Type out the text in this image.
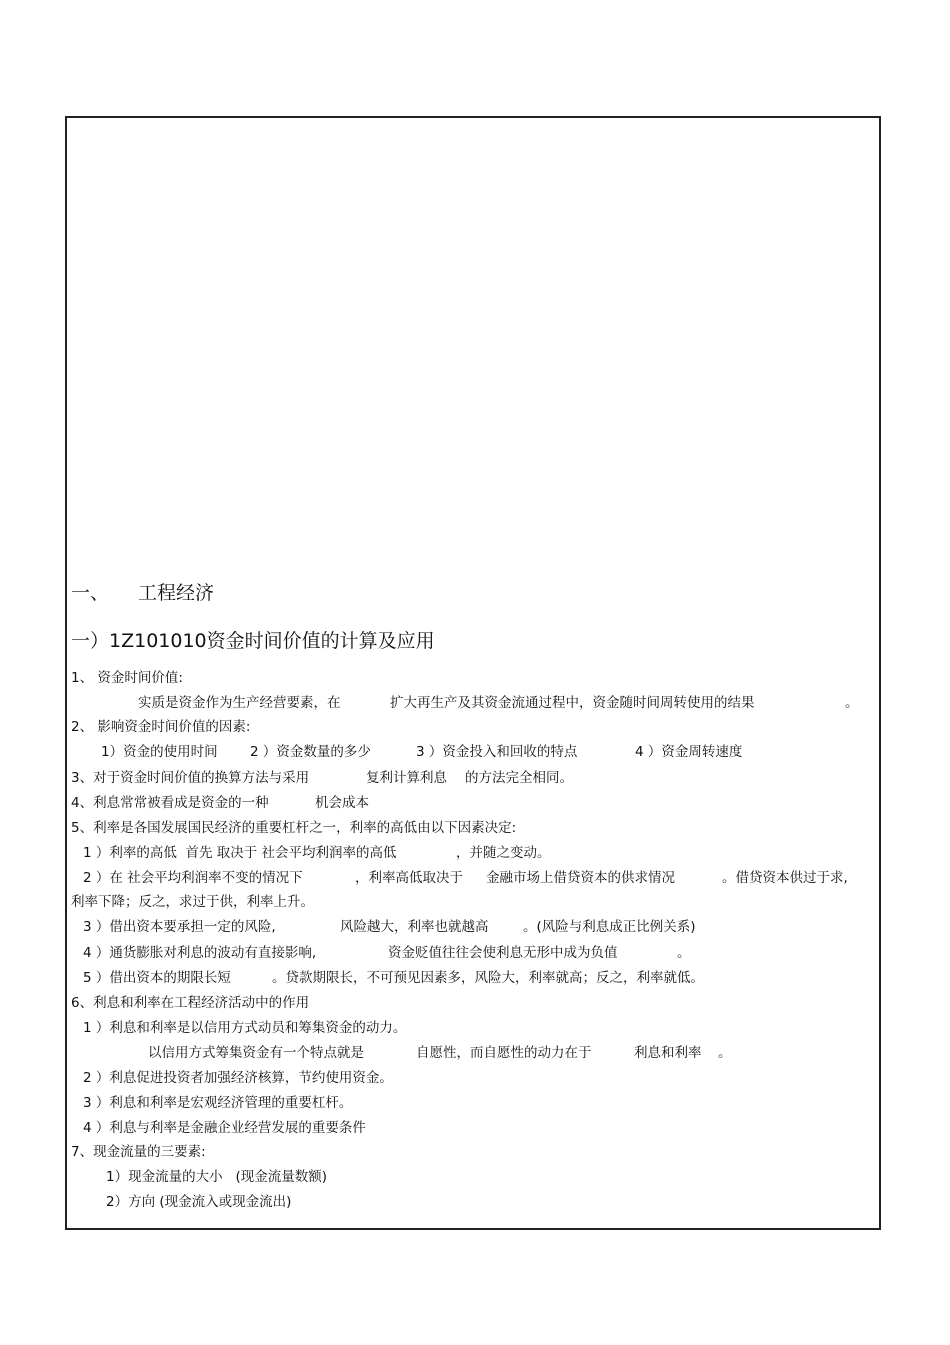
一、 工程经济
一）1Z101010资金时间价值的计算及应用
1、 资金时间价值:
实质是资金作为生产经营要素，在	扩大再生产及其资金流通过程中，资金随时间周转使用的结果	。
2、 影响资金时间价值的因素:
1）资金的使用时间 2 ）资金数量的多少	3 ）资金投入和回收的特点	4 ）资金周转速度
3、对于资金时间价值的换算方法与采用	复利计算利息 的方法完全相同。
4、利息常常被看成是资金的一种	机会成本
5、利率是各国发展国民经济的重要杠杆之一，利率的高低由以下因素决定:
1 ）利率的高低  首先 取决于 社会平均利润率的高低	，并随之变动。
2 ）在 社会平均利润率不变的情况下	，利率高低取决于 金融市场上借贷资本的供求情况	。借贷资本供过于求,
利率下降；反之，求过于供，利率上升。
3 ）借出资本要承担一定的风险,	风险越大，利率也就越高	。(风险与利息成正比例关系)
4 ）通货膨胀对利息的波动有直接影响,	资金贬值往往会使利息无形中成为负值	。
5 ）借出资本的期限长短	。贷款期限长，不可预见因素多，风险大，利率就高；反之，利率就低。
6、利息和利率在工程经济活动中的作用
1 ）利息和利率是以信用方式动员和筹集资金的动力。
以信用方式筹集资金有一个特点就是	自愿性，而自愿性的动力在于	利息和利率 。
2 ）利息促进投资者加强经济核算，节约使用资金。
3 ）利息和利率是宏观经济管理的重要杠杆。
4 ）利息与利率是金融企业经营发展的重要条件
7、现金流量的三要素:
1）现金流量的大小   (现金流量数额)
2）方向 (现金流入或现金流出)
